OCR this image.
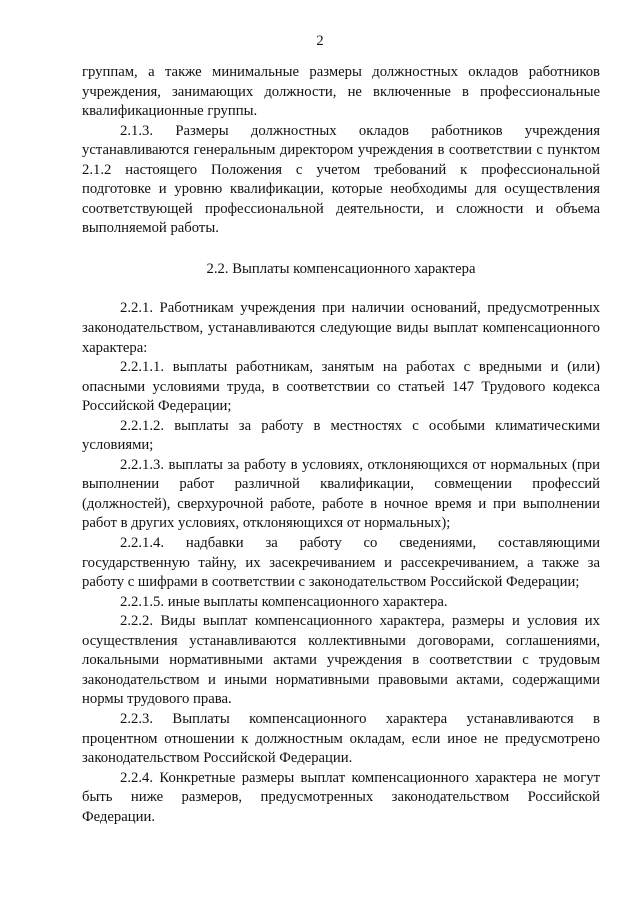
2

группам, а также минимальные размеры должностных окладов работников учреждения, занимающих должности, не включенные в профессиональные квалификационные группы.

2.1.3. Размеры должностных окладов работников учреждения устанавливаются генеральным директором учреждения в соответствии с пунктом 2.1.2 настоящего Положения с учетом требований к профессиональной подготовке и уровню квалификации, которые необходимы для осуществления соответствующей профессиональной деятельности, и сложности и объема выполняемой работы.

2.2. Выплаты компенсационного характера

2.2.1. Работникам учреждения при наличии оснований, предусмотренных законодательством, устанавливаются следующие виды выплат компенсационного характера:

2.2.1.1. выплаты работникам, занятым на работах с вредными и (или) опасными условиями труда, в соответствии со статьей 147 Трудового кодекса Российской Федерации;

2.2.1.2. выплаты за работу в местностях с особыми климатическими условиями;

2.2.1.3. выплаты за работу в условиях, отклоняющихся от нормальных (при выполнении работ различной квалификации, совмещении профессий (должностей), сверхурочной работе, работе в ночное время и при выполнении работ в других условиях, отклоняющихся от нормальных);

2.2.1.4. надбавки за работу со сведениями, составляющими государственную тайну, их засекречиванием и рассекречиванием, а также за работу с шифрами в соответствии с законодательством Российской Федерации;

2.2.1.5. иные выплаты компенсационного характера.

2.2.2. Виды выплат компенсационного характера, размеры и условия их осуществления устанавливаются коллективными договорами, соглашениями, локальными нормативными актами учреждения в соответствии с трудовым законодательством и иными нормативными правовыми актами, содержащими нормы трудового права.

2.2.3. Выплаты компенсационного характера устанавливаются в процентном отношении к должностным окладам, если иное не предусмотрено законодательством Российской Федерации.

2.2.4. Конкретные размеры выплат компенсационного характера не могут быть ниже размеров, предусмотренных законодательством Российской Федерации.
